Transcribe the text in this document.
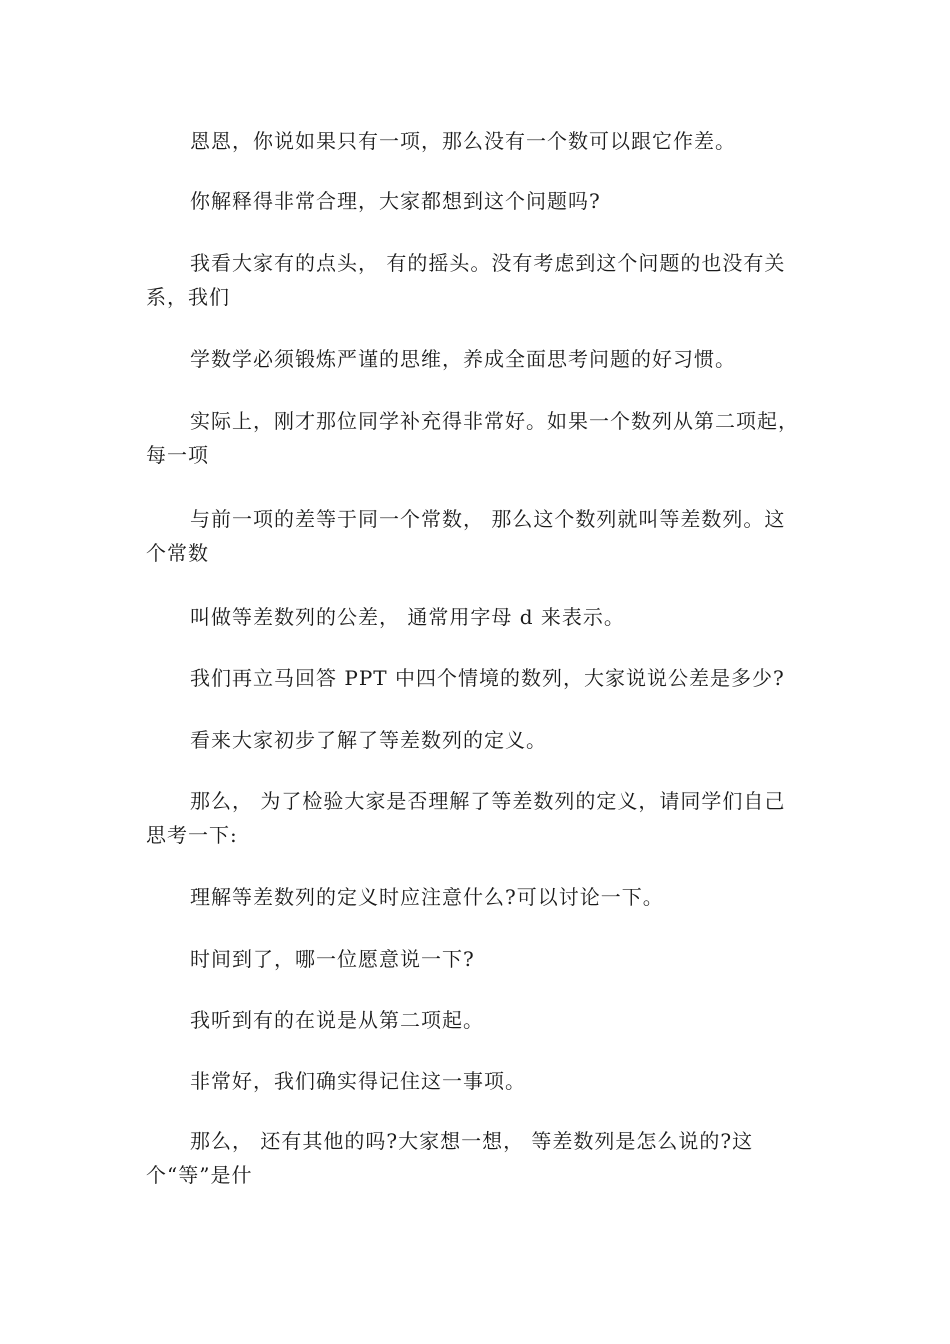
恩恩，你说如果只有一项，那么没有一个数可以跟它作差。

你解释得非常合理，大家都想到这个问题吗?

我看大家有的点头， 有的摇头。没有考虑到这个问题的也没有关系，我们

学数学必须锻炼严谨的思维，养成全面思考问题的好习惯。

实际上，刚才那位同学补充得非常好。如果一个数列从第二项起， 每一项

与前一项的差等于同一个常数， 那么这个数列就叫等差数列。这个常数

叫做等差数列的公差， 通常用字母 d 来表示。

我们再立马回答 PPT 中四个情境的数列，大家说说公差是多少?

看来大家初步了解了等差数列的定义。

那么， 为了检验大家是否理解了等差数列的定义，请同学们自己思考一下:

理解等差数列的定义时应注意什么?可以讨论一下。

时间到了，哪一位愿意说一下?

我听到有的在说是从第二项起。

非常好，我们确实得记住这一事项。

那么， 还有其他的吗?大家想一想， 等差数列是怎么说的?这个“等”是什
